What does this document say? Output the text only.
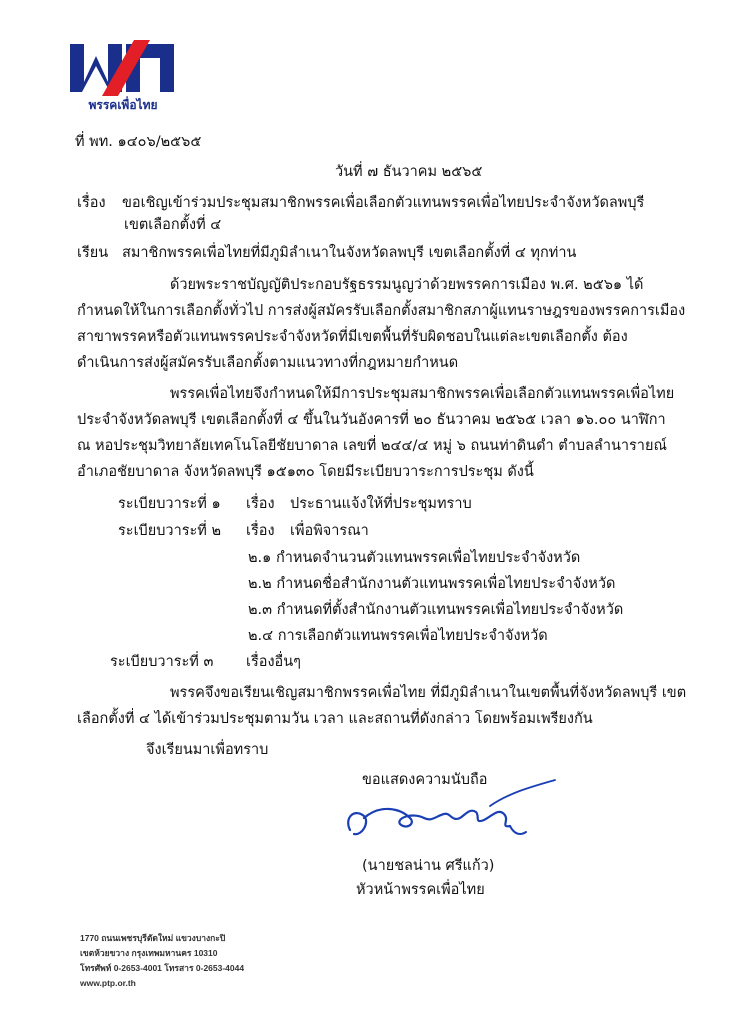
พรรคเพื่อไทย
ที่ พท. ๑๔๐๖/๒๕๖๕
วันที่ ๗ ธันวาคม ๒๕๖๕
เรื่อง ขอเชิญเข้าร่วมประชุมสมาชิกพรรคเพื่อเลือกตัวแทนพรรคเพื่อไทยประจำจังหวัดลพบุรี
เขตเลือกตั้งที่ ๔
เรียน สมาชิกพรรคเพื่อไทยที่มีภูมิลำเนาในจังหวัดลพบุรี เขตเลือกตั้งที่ ๔ ทุกท่าน
ด้วยพระราชบัญญัติประกอบรัฐธรรมนูญว่าด้วยพรรคการเมือง พ.ศ. ๒๕๖๑ ได้
กำหนดให้ในการเลือกตั้งทั่วไป การส่งผู้สมัครรับเลือกตั้งสมาชิกสภาผู้แทนราษฎรของพรรคการเมือง
สาขาพรรคหรือตัวแทนพรรคประจำจังหวัดที่มีเขตพื้นที่รับผิดชอบในแต่ละเขตเลือกตั้ง ต้อง
ดำเนินการส่งผู้สมัครรับเลือกตั้งตามแนวทางที่กฎหมายกำหนด
พรรคเพื่อไทยจึงกำหนดให้มีการประชุมสมาชิกพรรคเพื่อเลือกตัวแทนพรรคเพื่อไทย
ประจำจังหวัดลพบุรี เขตเลือกตั้งที่ ๔ ขึ้นในวันอังคารที่ ๒๐ ธันวาคม ๒๕๖๕ เวลา ๑๖.๐๐ นาฬิกา
ณ หอประชุมวิทยาลัยเทคโนโลยีชัยบาดาล เลขที่ ๒๔๔/๔ หมู่ ๖ ถนนท่าดินดำ ตำบลลำนารายณ์
อำเภอชัยบาดาล จังหวัดลพบุรี ๑๕๑๓๐ โดยมีระเบียบวาระการประชุม ดังนี้
ระเบียบวาระที่ ๑ เรื่อง ประธานแจ้งให้ที่ประชุมทราบ
ระเบียบวาระที่ ๒ เรื่อง เพื่อพิจารณา
๒.๑ กำหนดจำนวนตัวแทนพรรคเพื่อไทยประจำจังหวัด
๒.๒ กำหนดชื่อสำนักงานตัวแทนพรรคเพื่อไทยประจำจังหวัด
๒.๓ กำหนดที่ตั้งสำนักงานตัวแทนพรรคเพื่อไทยประจำจังหวัด
๒.๔ การเลือกตัวแทนพรรคเพื่อไทยประจำจังหวัด
ระเบียบวาระที่ ๓ เรื่องอื่นๆ
พรรคจึงขอเรียนเชิญสมาชิกพรรคเพื่อไทย ที่มีภูมิลำเนาในเขตพื้นที่จังหวัดลพบุรี เขต
เลือกตั้งที่ ๔ ได้เข้าร่วมประชุมตามวัน เวลา และสถานที่ดังกล่าว โดยพร้อมเพรียงกัน
จึงเรียนมาเพื่อทราบ
ขอแสดงความนับถือ
(นายชลน่าน ศรีแก้ว)
หัวหน้าพรรคเพื่อไทย
1770 ถนนเพชรบุรีตัดใหม่ แขวงบางกะปิ
เขตห้วยขวาง กรุงเทพมหานคร 10310
โทรศัพท์ 0-2653-4001 โทรสาร 0-2653-4044
www.ptp.or.th
